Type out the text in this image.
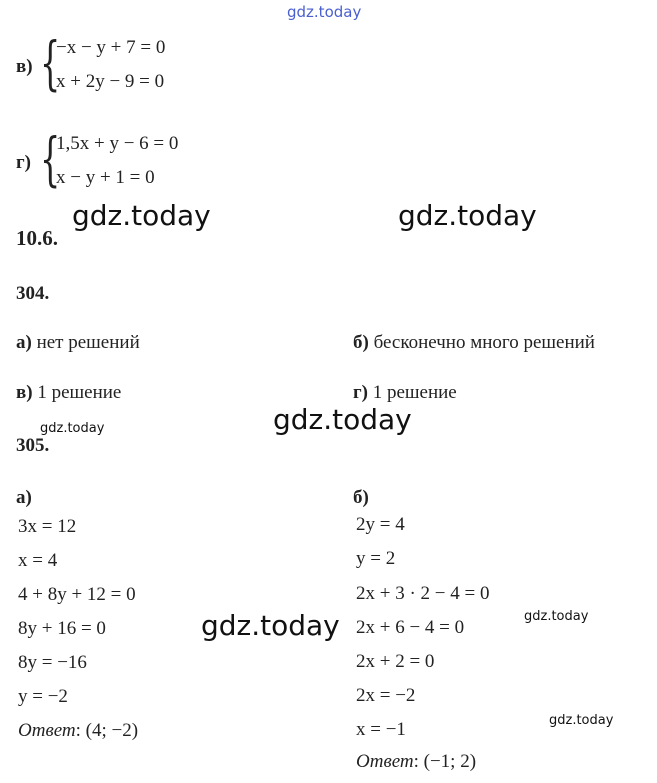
gdz.today
в) {
−x − y + 7 = 0
x + 2y − 9 = 0
г) {
1,5x + y − 6 = 0
x − y + 1 = 0
gdz.today	gdz.today
10.6.
304.
а) нет решений	б) бесконечно много решений
в) 1 решение	г) 1 решение
gdz.today	gdz.today
305.
а)
3x = 12
x = 4
4 + 8y + 12 = 0
8y + 16 = 0
8y = −16
y = −2
Ответ: (4; −2)
б)
2y = 4
y = 2
2x + 3 · 2 − 4 = 0
2x + 6 − 4 = 0
2x + 2 = 0
2x = −2
x = −1
Ответ: (−1; 2)
gdz.today	gdz.today
gdz.today
